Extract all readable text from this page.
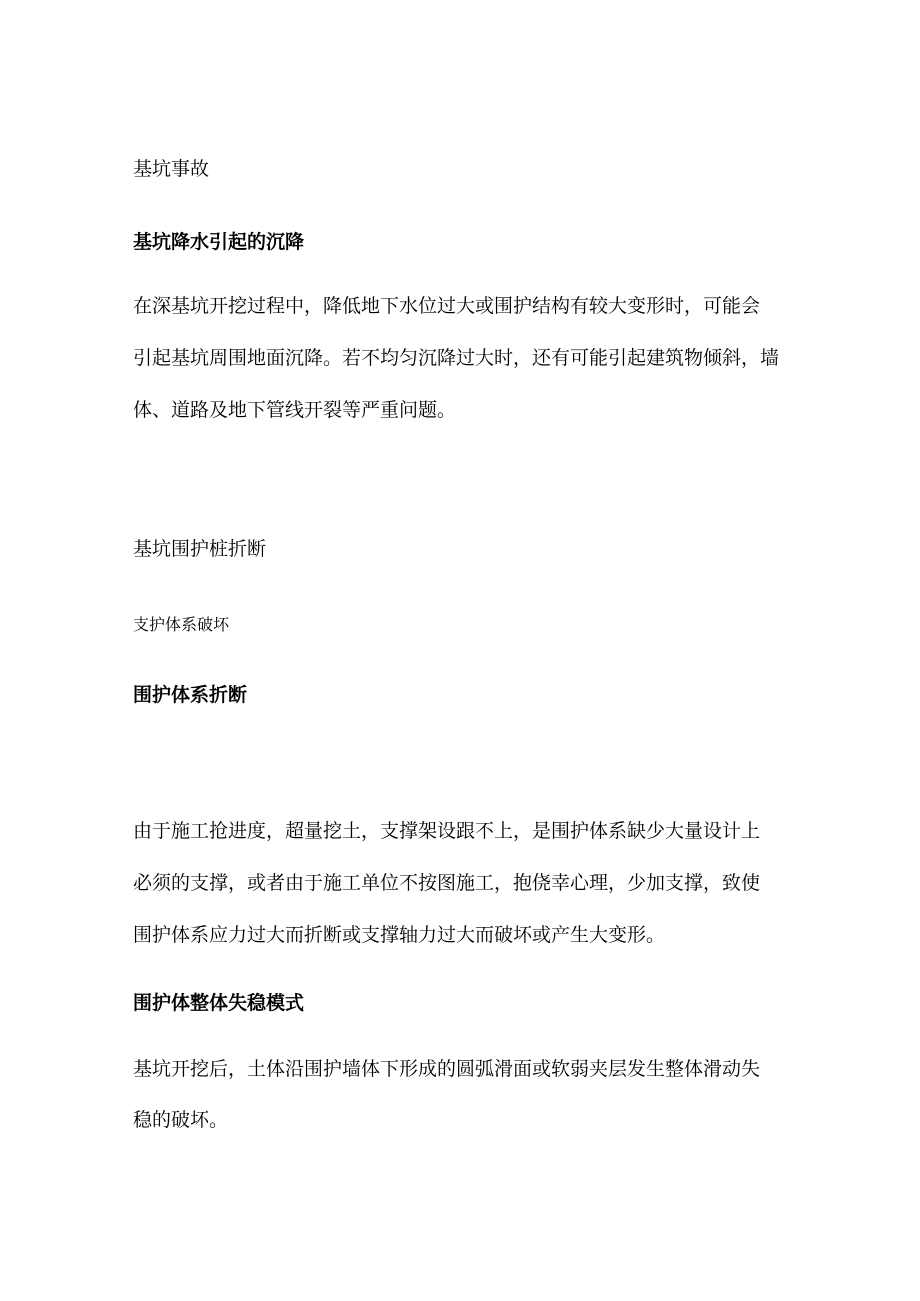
基坑事故

基坑降水引起的沉降

在深基坑开挖过程中，降低地下水位过大或围护结构有较大变形时，可能会
引起基坑周围地面沉降。若不均匀沉降过大时，还有可能引起建筑物倾斜，墙
体、道路及地下管线开裂等严重问题。

基坑围护桩折断

支护体系破坏

围护体系折断

由于施工抢进度，超量挖土，支撑架设跟不上，是围护体系缺少大量设计上
必须的支撑，或者由于施工单位不按图施工，抱侥幸心理，少加支撑，致使
围护体系应力过大而折断或支撑轴力过大而破坏或产生大变形。

围护体整体失稳模式

基坑开挖后，土体沿围护墙体下形成的圆弧滑面或软弱夹层发生整体滑动失
稳的破坏。
